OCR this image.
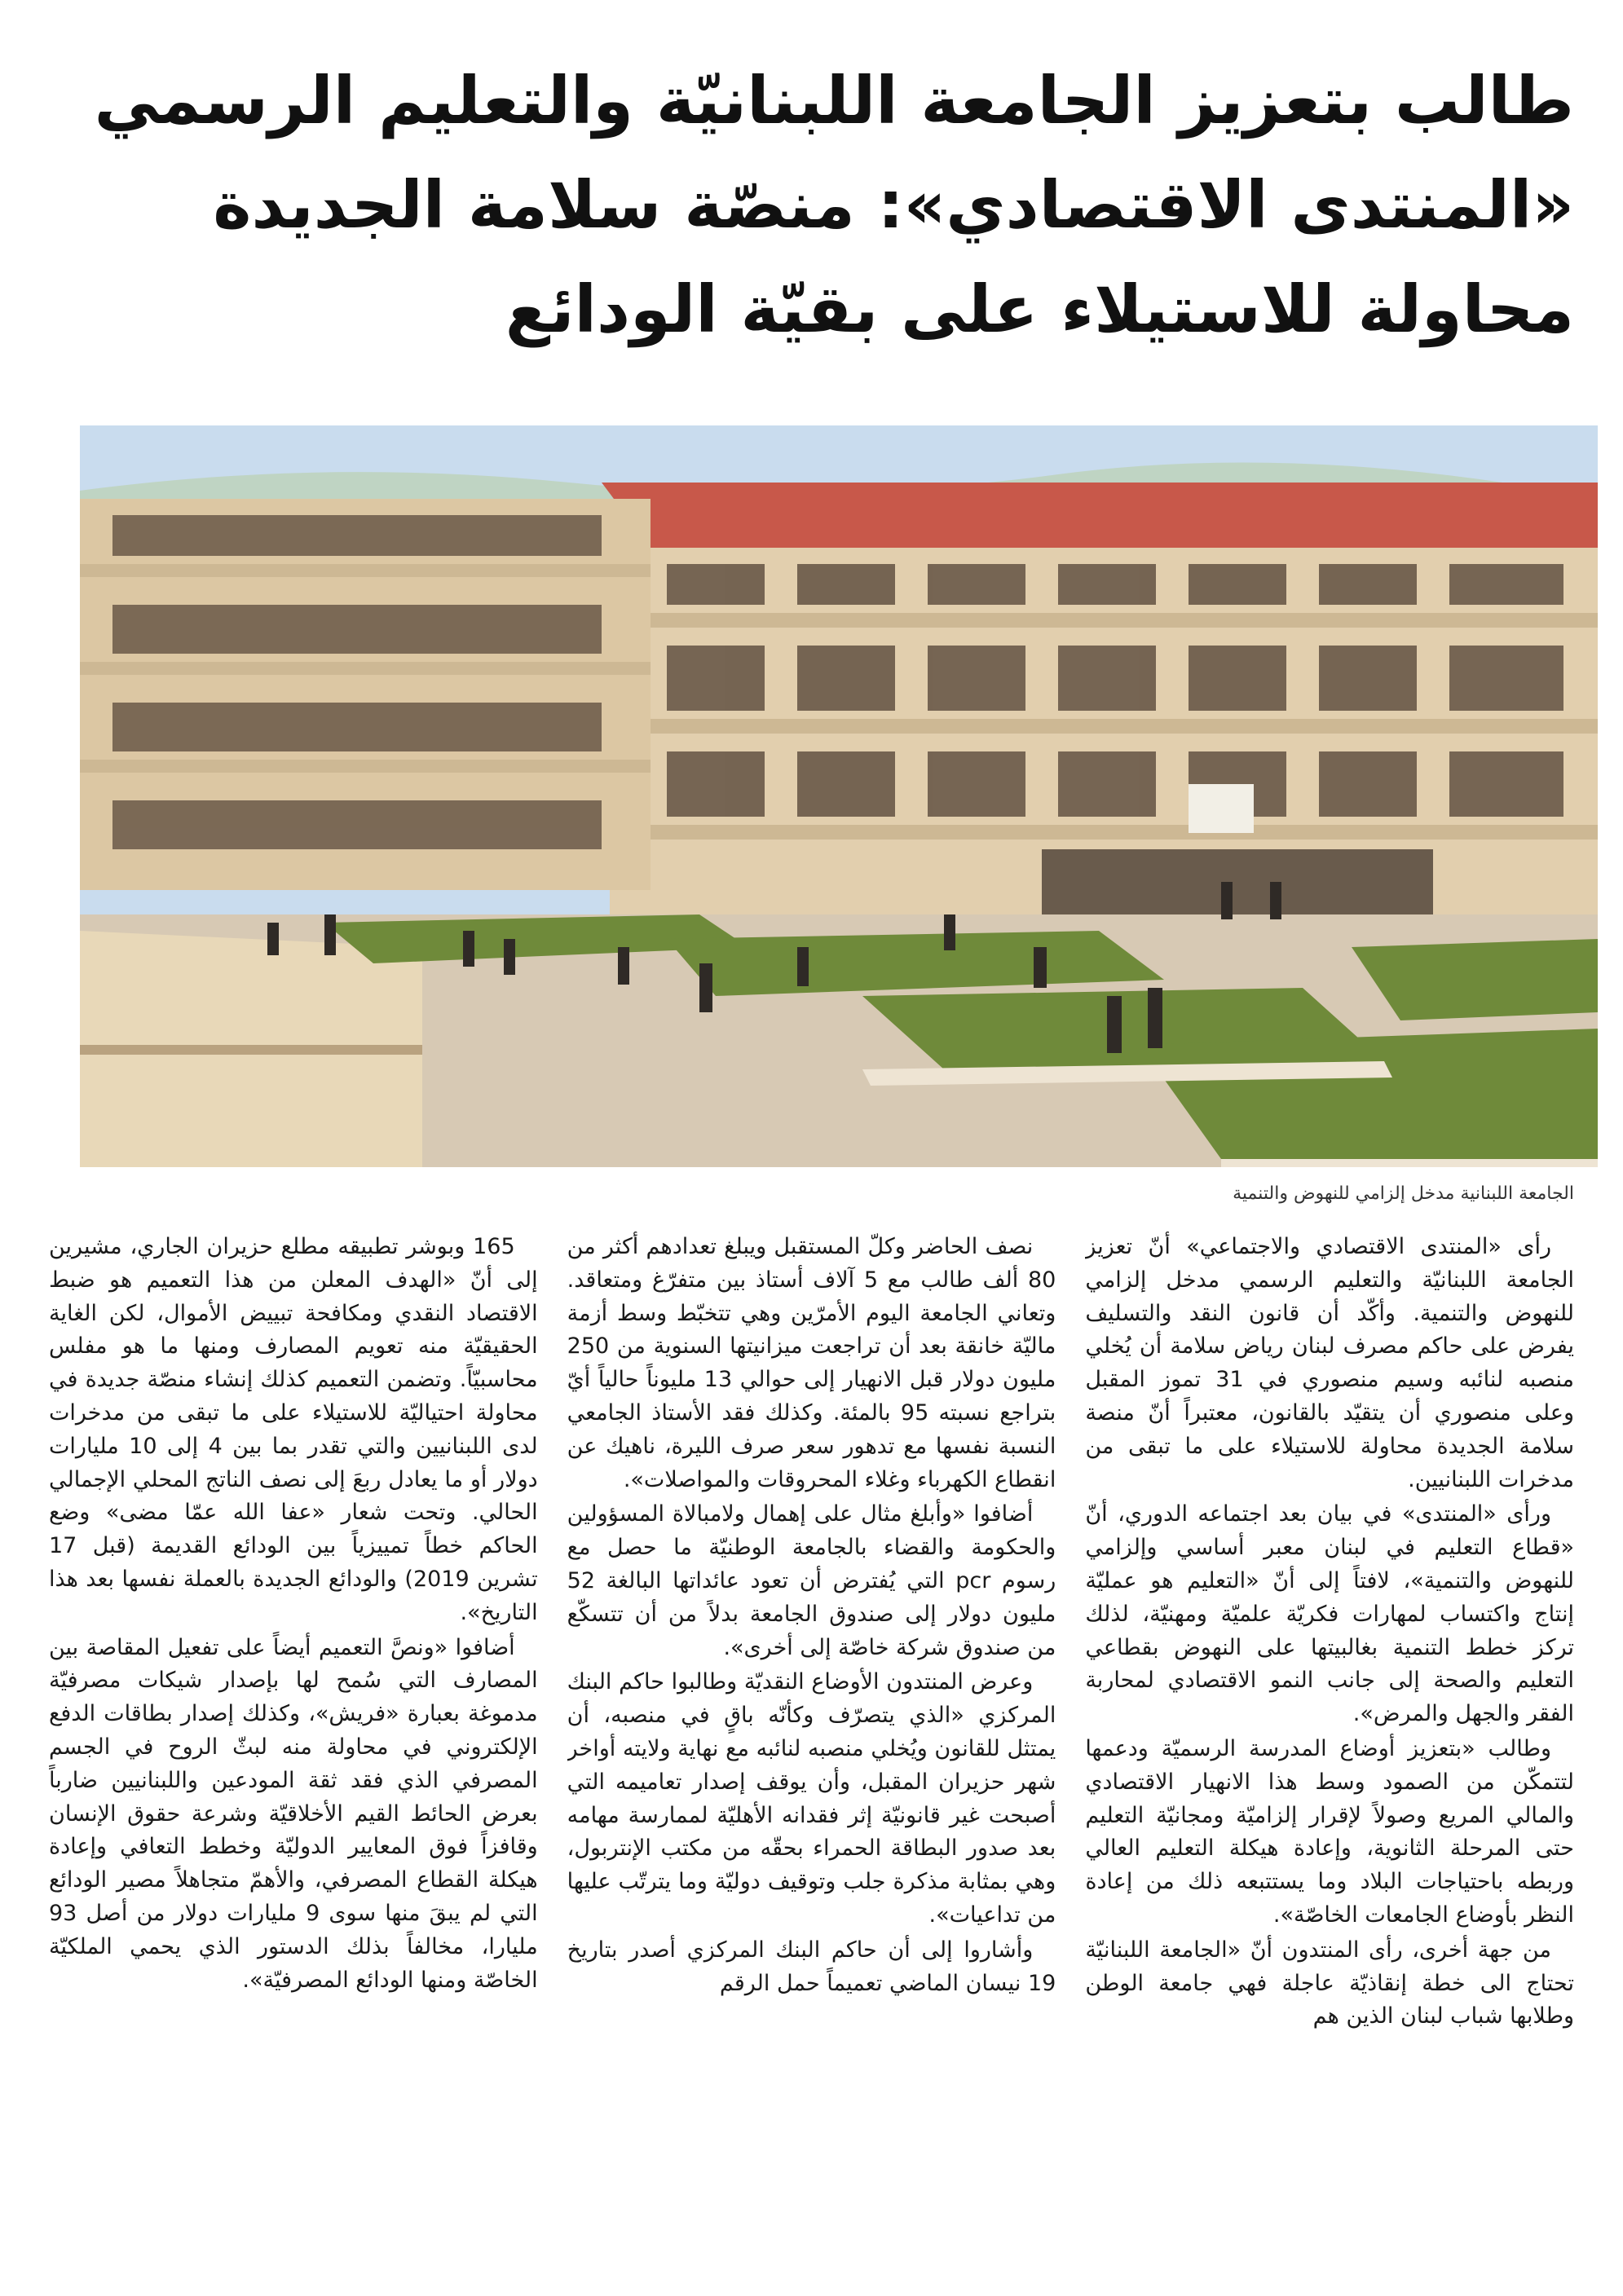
طالب بتعزيز الجامعة اللبنانيّة والتعليم الرسمي
«المنتدى الاقتصادي»: منصّة سلامة الجديدة
محاولة للاستيلاء على بقيّة الودائع
الجامعة اللبنانية مدخل إلزامي للنهوض والتنمية

رأى «المنتدى الاقتصادي والاجتماعي» أنّ تعزيز الجامعة اللبنانيّة والتعليم الرسمي مدخل إلزامي للنهوض والتنمية. وأكّد أن قانون النقد والتسليف يفرض على حاكم مصرف لبنان رياض سلامة أن يُخلي منصبه لنائبه وسيم منصوري في 31 تموز المقبل وعلى منصوري أن يتقيّد بالقانون، معتبراً أنّ منصة سلامة الجديدة محاولة للاستيلاء على ما تبقى من مدخرات اللبنانيين.

ورأى «المنتدى» في بيان بعد اجتماعه الدوري، أنّ «قطاع التعليم في لبنان معبر أساسي وإلزامي للنهوض والتنمية»، لافتاً إلى أنّ «التعليم هو عمليّة إنتاج واكتساب لمهارات فكريّة علميّة ومهنيّة، لذلك تركز خطط التنمية بغالبيتها على النهوض بقطاعي التعليم والصحة إلى جانب النمو الاقتصادي لمحاربة الفقر والجهل والمرض».

وطالب «بتعزيز أوضاع المدرسة الرسميّة ودعمها لتتمكّن من الصمود وسط هذا الانهيار الاقتصادي والمالي المريع وصولاً لإقرار إلزاميّة ومجانيّة التعليم حتى المرحلة الثانوية، وإعادة هيكلة التعليم العالي وربطه باحتياجات البلاد وما يستتبعه ذلك من إعادة النظر بأوضاع الجامعات الخاصّة».

من جهة أخرى، رأى المنتدون أنّ «الجامعة اللبنانيّة تحتاج الى خطة إنقاذيّة عاجلة فهي جامعة الوطن وطلابها شباب لبنان الذين هم

نصف الحاضر وكلّ المستقبل ويبلغ تعدادهم أكثر من 80 ألف طالب مع 5 آلاف أستاذ بين متفرّغ ومتعاقد. وتعاني الجامعة اليوم الأمرّين وهي تتخبّط وسط أزمة ماليّة خانقة بعد أن تراجعت ميزانيتها السنوية من 250 مليون دولار قبل الانهيار إلى حوالي 13 مليوناً حالياً أيّ بتراجع نسبته 95 بالمئة. وكذلك فقد الأستاذ الجامعي النسبة نفسها مع تدهور سعر صرف الليرة، ناهيك عن انقطاع الكهرباء وغلاء المحروقات والمواصلات».

أضافوا «وأبلغ مثال على إهمال ولامبالاة المسؤولين والحكومة والقضاء بالجامعة الوطنيّة ما حصل مع رسوم pcr التي يُفترض أن تعود عائداتها البالغة 52 مليون دولار إلى صندوق الجامعة بدلاً من أن تتسكّع من صندوق شركة خاصّة إلى أخرى».

وعرض المنتدون الأوضاع النقديّة وطالبوا حاكم البنك المركزي «الذي يتصرّف وكأنّه باقٍ في منصبه، أن يمتثل للقانون ويُخلي منصبه لنائبه مع نهاية ولايته أواخر شهر حزيران المقبل، وأن يوقف إصدار تعاميمه التي أصبحت غير قانونيّة إثر فقدانه الأهليّة لممارسة مهامه بعد صدور البطاقة الحمراء بحقّه من مكتب الإنتربول، وهي بمثابة مذكرة جلب وتوقيف دوليّة وما يترتّب عليها من تداعيات».

وأشاروا إلى أن حاكم البنك المركزي أصدر بتاريخ 19 نيسان الماضي تعميماً حمل الرقم

165 وبوشر تطبيقه مطلع حزيران الجاري، مشيرين إلى أنّ «الهدف المعلن من هذا التعميم هو ضبط الاقتصاد النقدي ومكافحة تبييض الأموال، لكن الغاية الحقيقيّة منه تعويم المصارف ومنها ما هو مفلس محاسبيّاً. وتضمن التعميم كذلك إنشاء منصّة جديدة في محاولة احتياليّة للاستيلاء على ما تبقى من مدخرات لدى اللبنانيين والتي تقدر بما بين 4 إلى 10 مليارات دولار أو ما يعادل ربعَ إلى نصف الناتج المحلي الإجمالي الحالي. وتحت شعار «عفا الله عمّا مضى» وضع الحاكم خطاً تمييزياً بين الودائع القديمة (قبل 17 تشرين 2019) والودائع الجديدة بالعملة نفسها بعد هذا التاريخ».

أضافوا «ونصَّ التعميم أيضاً على تفعيل المقاصة بين المصارف التي سُمح لها بإصدار شيكات مصرفيّة مدموغة بعبارة «فريش»، وكذلك إصدار بطاقات الدفع الإلكتروني في محاولة منه لبثّ الروح في الجسم المصرفي الذي فقد ثقة المودعين واللبنانيين ضارباً بعرض الحائط القيم الأخلاقيّة وشرعة حقوق الإنسان وقافزاً فوق المعايير الدوليّة وخطط التعافي وإعادة هيكلة القطاع المصرفي، والأهمّ متجاهلاً مصير الودائع التي لم يبقَ منها سوى 9 مليارات دولار من أصل 93 مليارا، مخالفاً بذلك الدستور الذي يحمي الملكيّة الخاصّة ومنها الودائع المصرفيّة».
